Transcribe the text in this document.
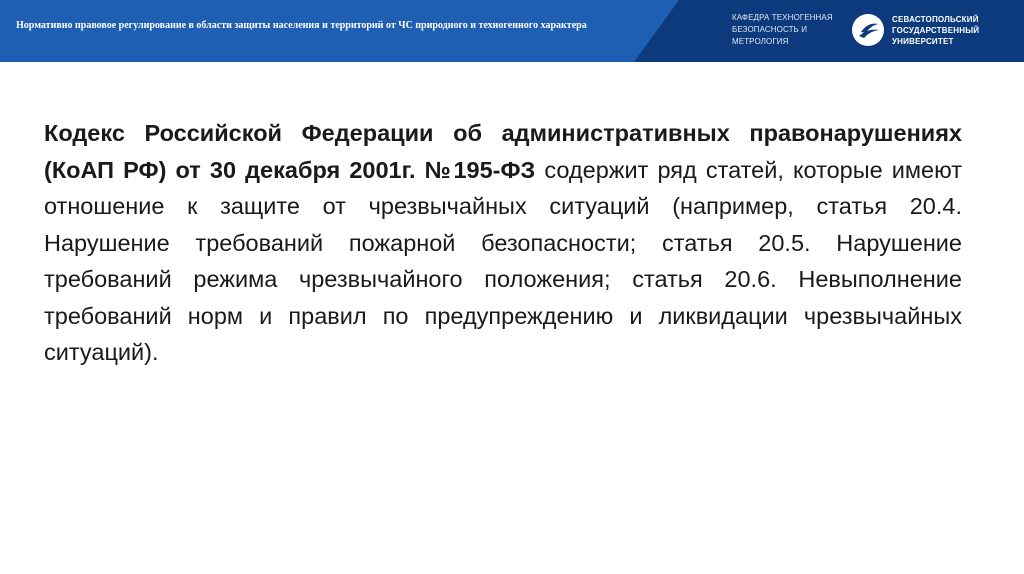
Нормативно правовое регулирование в области защиты населения и территорий от ЧС природного и техногенного характера
КАФЕДРА ТЕХНОГЕННАЯ
БЕЗОПАСНОСТЬ И
МЕТРОЛОГИЯ
СЕВАСТОПОЛЬСКИЙ
ГОСУДАРСТВЕННЫЙ
УНИВЕРСИТЕТ

Кодекс Российской Федерации об административных правонарушениях (КоАП РФ) от 30 декабря 2001г. №195-ФЗ содержит ряд статей, которые имеют отношение к защите от чрезвычайных ситуаций (например, статья 20.4. Нарушение требований пожарной безопасности; статья 20.5. Нарушение требований режима чрезвычайного положения; статья 20.6. Невыполнение требований норм и правил по предупреждению и ликвидации чрезвычайных ситуаций).
